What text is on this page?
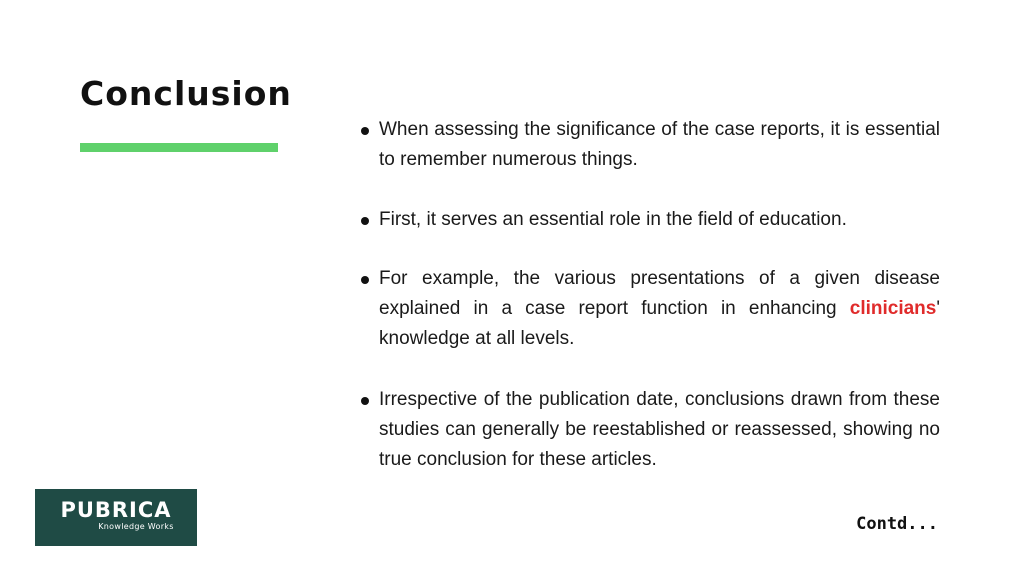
Conclusion
When assessing the significance of the case reports, it is essential to remember numerous things.
First, it serves an essential role in the field of education.
For example, the various presentations of a given disease explained in a case report function in enhancing clinicians' knowledge at all levels.
Irrespective of the publication date, conclusions drawn from these studies can generally be reestablished or reassessed, showing no true conclusion for these articles.
PUBRICA
Knowledge Works	Contd...
